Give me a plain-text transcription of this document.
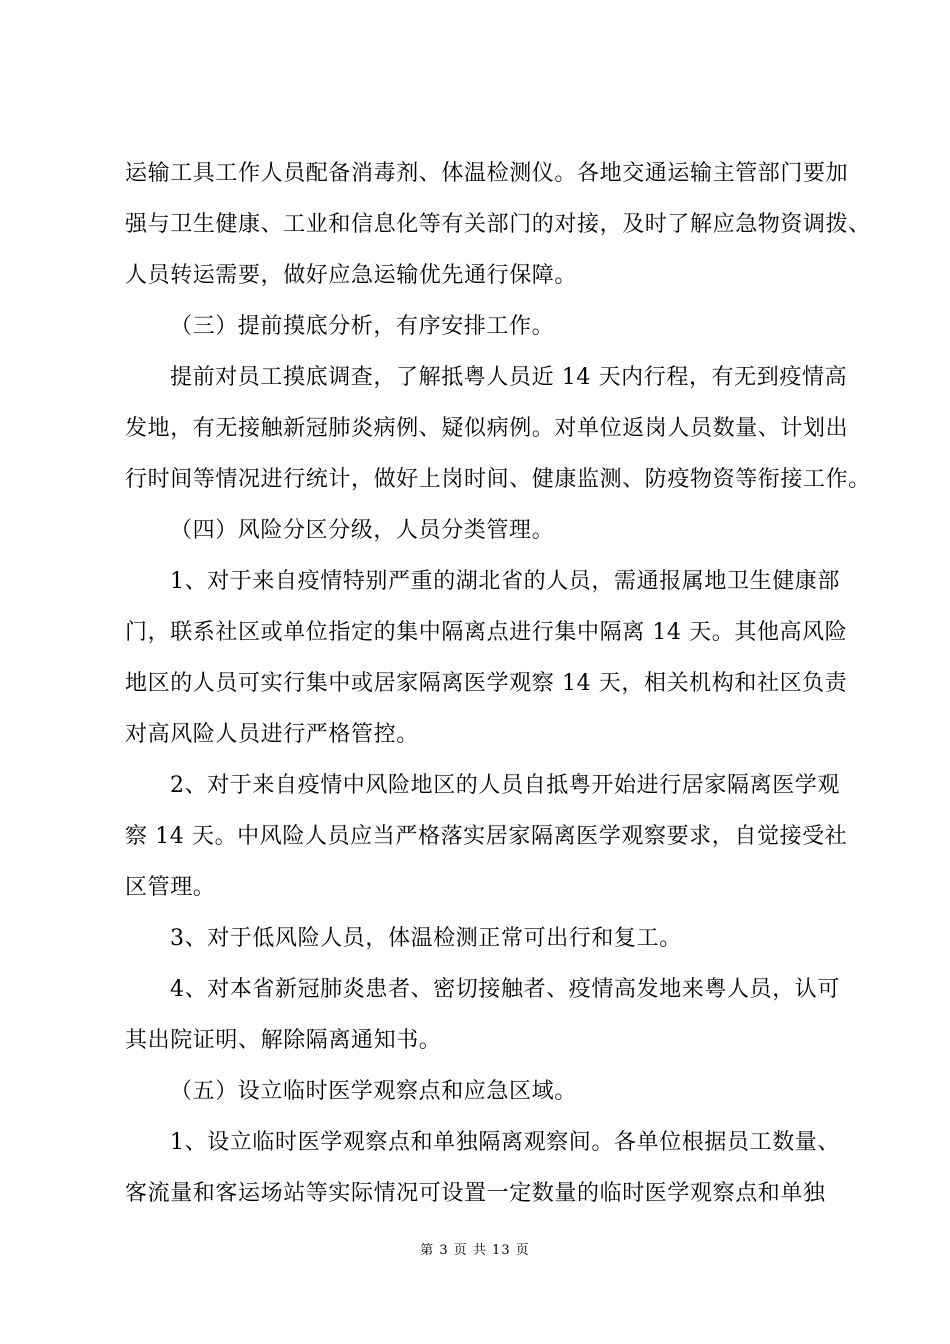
运输工具工作人员配备消毒剂、体温检测仪。各地交通运输主管部门要加
强与卫生健康、工业和信息化等有关部门的对接，及时了解应急物资调拨、
人员转运需要，做好应急运输优先通行保障。
（三）提前摸底分析，有序安排工作。
提前对员工摸底调查，了解抵粤人员近 14 天内行程，有无到疫情高
发地，有无接触新冠肺炎病例、疑似病例。对单位返岗人员数量、计划出
行时间等情况进行统计，做好上岗时间、健康监测、防疫物资等衔接工作。
（四）风险分区分级，人员分类管理。
1、对于来自疫情特别严重的湖北省的人员，需通报属地卫生健康部
门，联系社区或单位指定的集中隔离点进行集中隔离 14 天。其他高风险
地区的人员可实行集中或居家隔离医学观察 14 天，相关机构和社区负责
对高风险人员进行严格管控。
2、对于来自疫情中风险地区的人员自抵粤开始进行居家隔离医学观
察 14 天。中风险人员应当严格落实居家隔离医学观察要求，自觉接受社
区管理。
3、对于低风险人员，体温检测正常可出行和复工。
4、对本省新冠肺炎患者、密切接触者、疫情高发地来粤人员，认可
其出院证明、解除隔离通知书。
（五）设立临时医学观察点和应急区域。
1、设立临时医学观察点和单独隔离观察间。各单位根据员工数量、
客流量和客运场站等实际情况可设置一定数量的临时医学观察点和单独
第 3 页 共 13 页
